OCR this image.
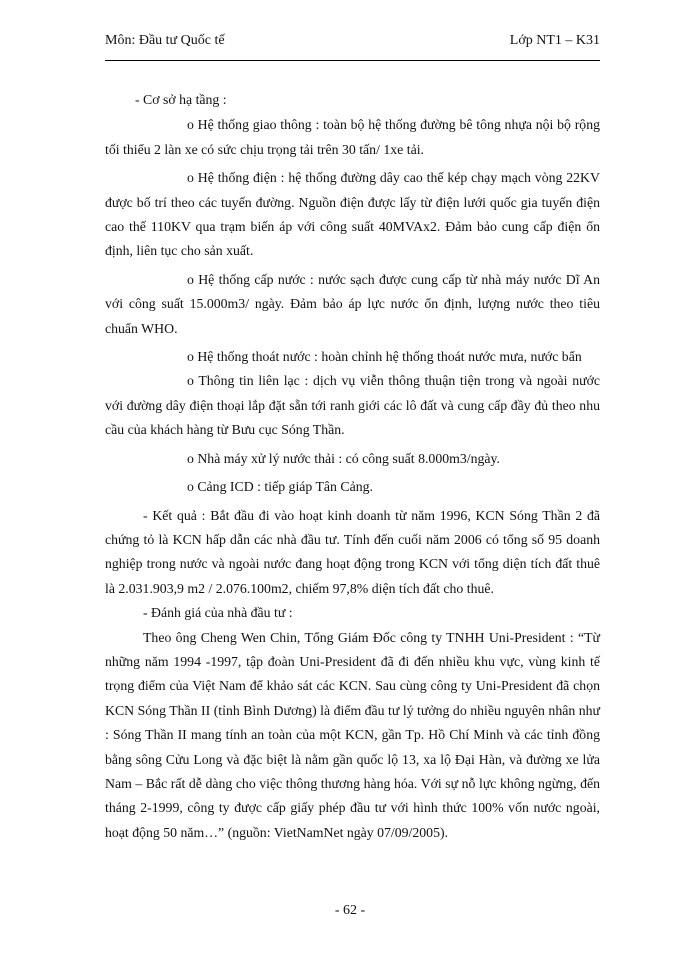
Môn: Đầu tư Quốc tế	Lớp NT1 – K31

- Cơ sở hạ tầng :

o Hệ thống giao thông : toàn bộ hệ thống đường bê tông nhựa nội bộ rộng tối thiểu 2 làn xe có sức chịu trọng tải trên 30 tấn/ 1xe tải.

o Hệ thống điện : hệ thống đường dây cao thế kép chạy mạch vòng 22KV được bố trí theo các tuyến đường. Nguồn điện được lấy từ điện lưới quốc gia tuyến điện cao thế 110KV qua trạm biến áp với công suất 40MVAx2. Đảm bảo cung cấp điện ổn định, liên tục cho sản xuất.

o Hệ thống cấp nước : nước sạch được cung cấp từ nhà máy nước Dĩ An với công suất 15.000m3/ ngày. Đảm bảo áp lực nước ổn định, lượng nước theo tiêu chuẩn WHO.

o Hệ thống thoát nước : hoàn chỉnh hệ thống thoát nước mưa, nước bẩn

o Thông tin liên lạc : dịch vụ viễn thông thuận tiện trong và ngoài nước với đường dây điện thoại lắp đặt sẵn tới ranh giới các lô đất và cung cấp đầy đủ theo nhu cầu của khách hàng từ Bưu cục Sóng Thần.

o Nhà máy xử lý nước thải : có công suất 8.000m3/ngày.

o Cảng ICD : tiếp giáp Tân Cảng.

- Kết quả : Bắt đầu đi vào hoạt kinh doanh từ năm 1996, KCN Sóng Thần 2 đã chứng tỏ là KCN hấp dẫn các nhà đầu tư. Tính đến cuối năm 2006 có tổng số 95 doanh nghiệp trong nước và ngoài nước đang hoạt động trong KCN với tổng diện tích đất thuê là 2.031.903,9 m2 / 2.076.100m2, chiếm 97,8% diện tích đất cho thuê.

- Đánh giá của nhà đầu tư :

Theo ông Cheng Wen Chin, Tổng Giám Đốc công ty TNHH Uni-President : “Từ những năm 1994 -1997, tập đoàn Uni-President đã đi đến nhiều khu vực, vùng kinh tế trọng điểm của Việt Nam để khảo sát các KCN. Sau cùng công ty Uni-President đã chọn KCN Sóng Thần II (tỉnh Bình Dương) là điểm đầu tư lý tưởng do nhiều nguyên nhân như : Sóng Thần II mang tính an toàn của một KCN, gần Tp. Hồ Chí Minh và các tỉnh đồng bằng sông Cửu Long và đặc biệt là nằm gần quốc lộ 13, xa lộ Đại Hàn, và đường xe lửa Nam – Bắc rất dễ dàng cho việc thông thương hàng hóa. Với sự nỗ lực không ngừng, đến tháng 2-1999, công ty được cấp giấy phép đầu tư với hình thức 100% vốn nước ngoài, hoạt động 50 năm…” (nguồn: VietNamNet ngày 07/09/2005).

- 62 -
